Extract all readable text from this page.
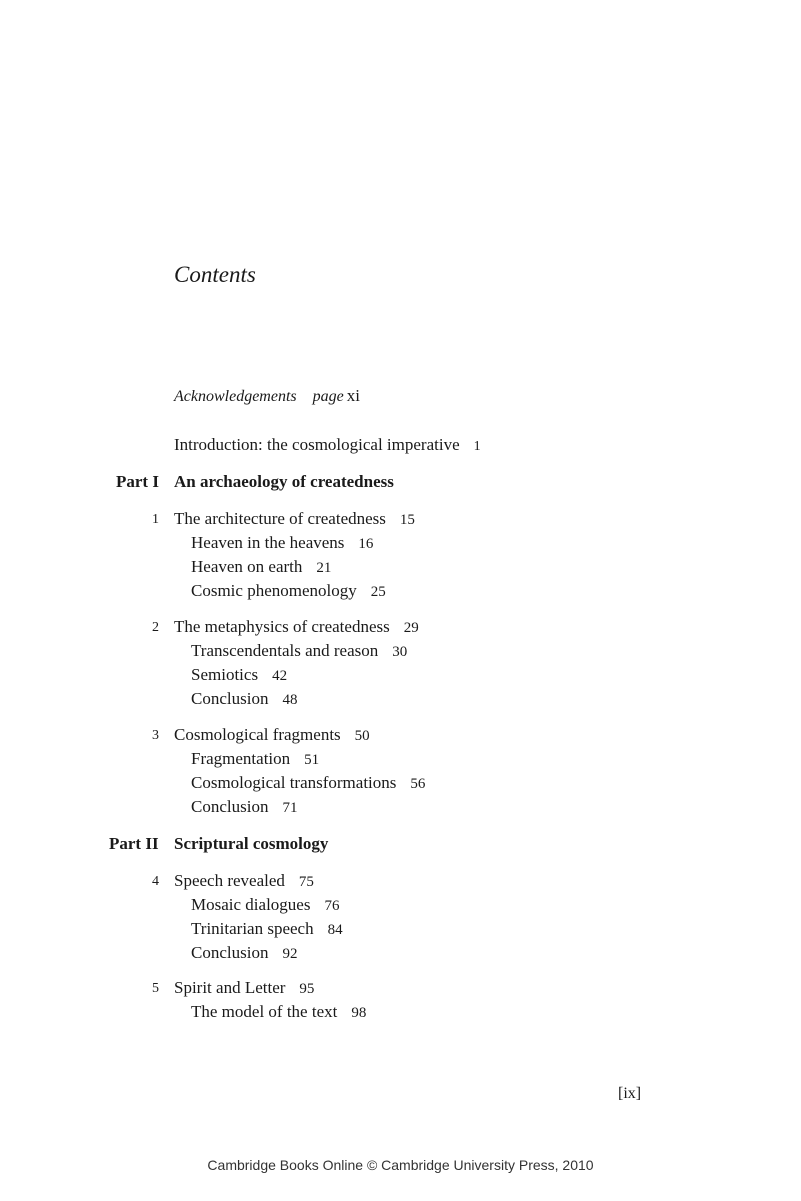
Contents
Acknowledgements page xi
Introduction: the cosmological imperative 1
Part I An archaeology of createdness
1 The architecture of createdness 15
Heaven in the heavens 16
Heaven on earth 21
Cosmic phenomenology 25
2 The metaphysics of createdness 29
Transcendentals and reason 30
Semiotics 42
Conclusion 48
3 Cosmological fragments 50
Fragmentation 51
Cosmological transformations 56
Conclusion 71
Part II Scriptural cosmology
4 Speech revealed 75
Mosaic dialogues 76
Trinitarian speech 84
Conclusion 92
5 Spirit and Letter 95
The model of the text 98
[ix]
Cambridge Books Online © Cambridge University Press, 2010
